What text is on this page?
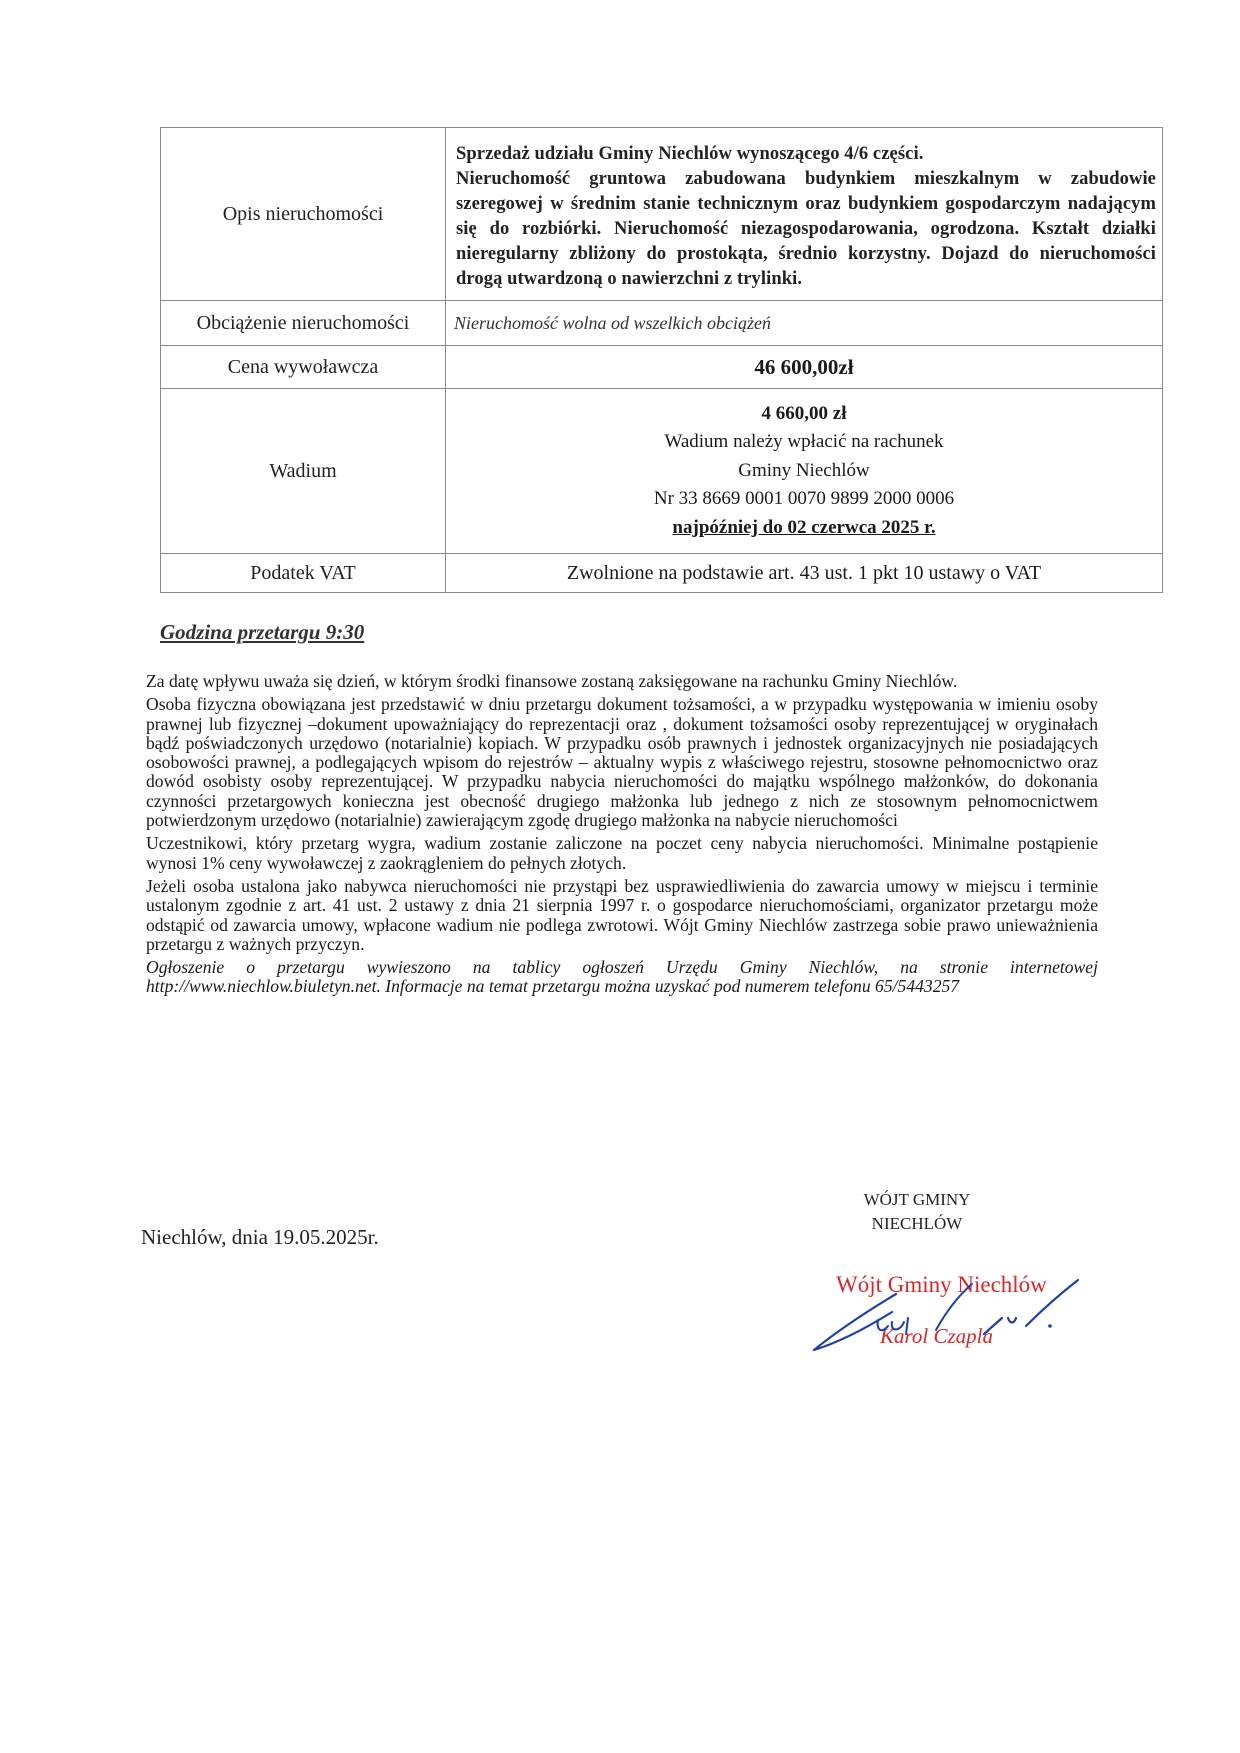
Opis nieruchomości	Sprzedaż udziału Gminy Niechlów wynoszącego 4/6 części.

Nieruchomość gruntowa zabudowana budynkiem mieszkalnym w zabudowie szeregowej w średnim stanie technicznym oraz budynkiem gospodarczym nadającym się do rozbiórki. Nieruchomość niezagospodarowania, ogrodzona. Kształt działki nieregularny zbliżony do prostokąta, średnio korzystny. Dojazd do nieruchomości drogą utwardzoną o nawierzchni z trylinki.

Obciążenie nieruchomości	Nieruchomość wolna od wszelkich obciążeń

Cena wywoławcza	46 600,00zł

Wadium	4 660,00 zł
Wadium należy wpłacić na rachunek
Gminy Niechlów
Nr 33 8669 0001 0070 9899 2000 0006
najpóźniej do 02 czerwca 2025 r.

Podatek VAT	Zwolnione na podstawie art. 43 ust. 1 pkt 10 ustawy o VAT
Godzina przetargu 9:30

Za datę wpływu uważa się dzień, w którym środki finansowe zostaną zaksięgowane na rachunku Gminy Niechlów.

Osoba fizyczna obowiązana jest przedstawić w dniu przetargu dokument tożsamości, a w przypadku występowania w imieniu osoby prawnej lub fizycznej –dokument upoważniający do reprezentacji oraz , dokument tożsamości osoby reprezentującej w oryginałach bądź poświadczonych urzędowo (notarialnie) kopiach. W przypadku osób prawnych i jednostek organizacyjnych nie posiadających osobowości prawnej, a podlegających wpisom do rejestrów – aktualny wypis z właściwego rejestru, stosowne pełnomocnictwo oraz dowód osobisty osoby reprezentującej. W przypadku nabycia nieruchomości do majątku wspólnego małżonków, do dokonania czynności przetargowych konieczna jest obecność drugiego małżonka lub jednego z nich ze stosownym pełnomocnictwem potwierdzonym urzędowo (notarialnie) zawierającym zgodę drugiego małżonka na nabycie nieruchomości

Uczestnikowi, który przetarg wygra, wadium zostanie zaliczone na poczet ceny nabycia nieruchomości. Minimalne postąpienie wynosi 1% ceny wywoławczej z zaokrągleniem do pełnych złotych.

Jeżeli osoba ustalona jako nabywca nieruchomości nie przystąpi bez usprawiedliwienia do zawarcia umowy w miejscu i terminie ustalonym zgodnie z art. 41 ust. 2 ustawy z dnia 21 sierpnia 1997 r. o gospodarce nieruchomościami, organizator przetargu może odstąpić od zawarcia umowy, wpłacone wadium nie podlega zwrotowi. Wójt Gminy Niechlów zastrzega sobie prawo unieważnienia przetargu z ważnych przyczyn.

Ogłoszenie o przetargu wywieszono na tablicy ogłoszeń Urzędu Gminy Niechlów, na stronie internetowej http://www.niechlow.biuletyn.net. Informacje na temat przetargu można uzyskać pod numerem telefonu 65/5443257

Niechlów, dnia 19.05.2025r.
WÓJT GMINY
NIECHLÓW
Wójt Gminy Niechlów
Karol Czapla
